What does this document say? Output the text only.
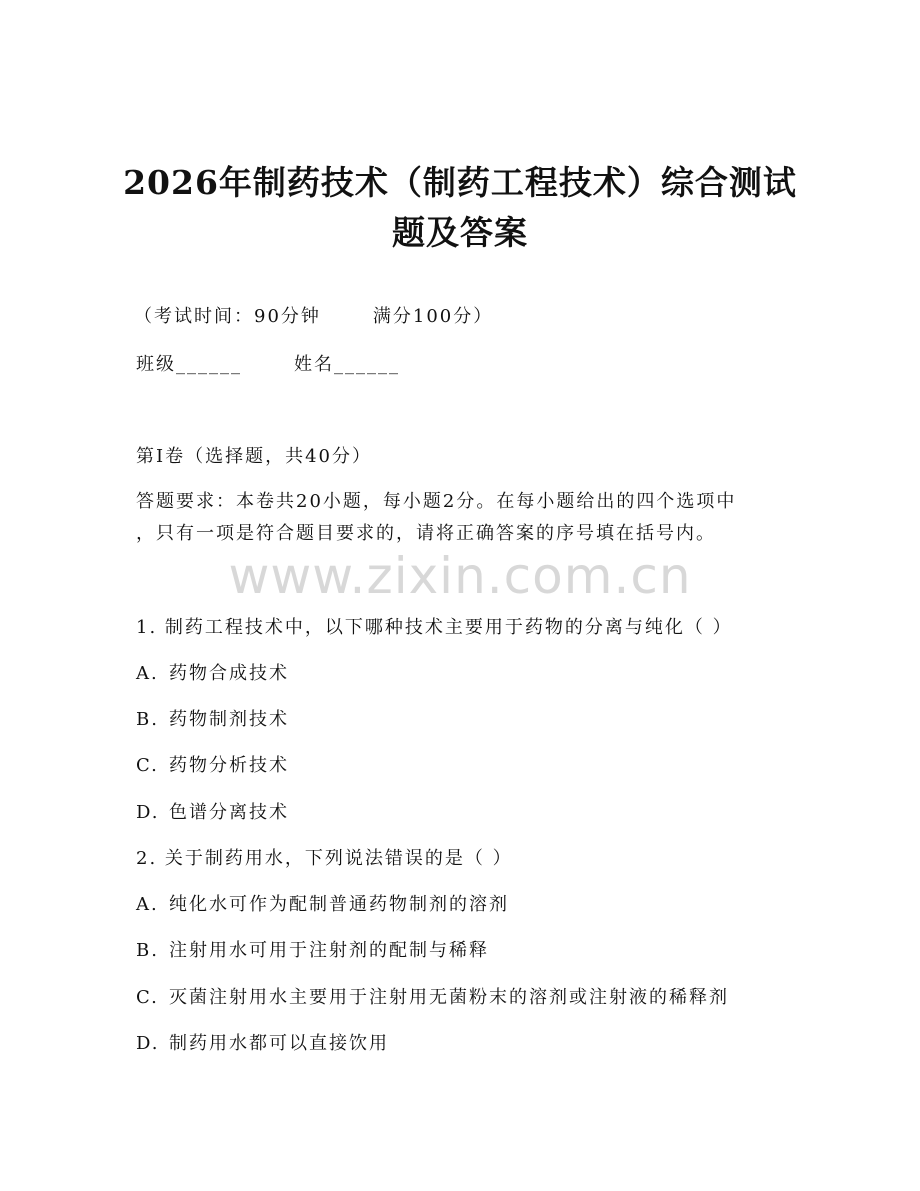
2026年制药技术（制药工程技术）综合测试
题及答案
（考试时间：90分钟	满分100分）
班级______	姓名______
第I卷（选择题，共40分）
答题要求：本卷共20小题，每小题2分。在每小题给出的四个选项中
，只有一项是符合题目要求的，请将正确答案的序号填在括号内。
www.zixin.com.cn
1. 制药工程技术中，以下哪种技术主要用于药物的分离与纯化（ ）
A. 药物合成技术
B. 药物制剂技术
C. 药物分析技术
D. 色谱分离技术
2. 关于制药用水，下列说法错误的是（ ）
A. 纯化水可作为配制普通药物制剂的溶剂
B. 注射用水可用于注射剂的配制与稀释
C. 灭菌注射用水主要用于注射用无菌粉末的溶剂或注射液的稀释剂
D. 制药用水都可以直接饮用
